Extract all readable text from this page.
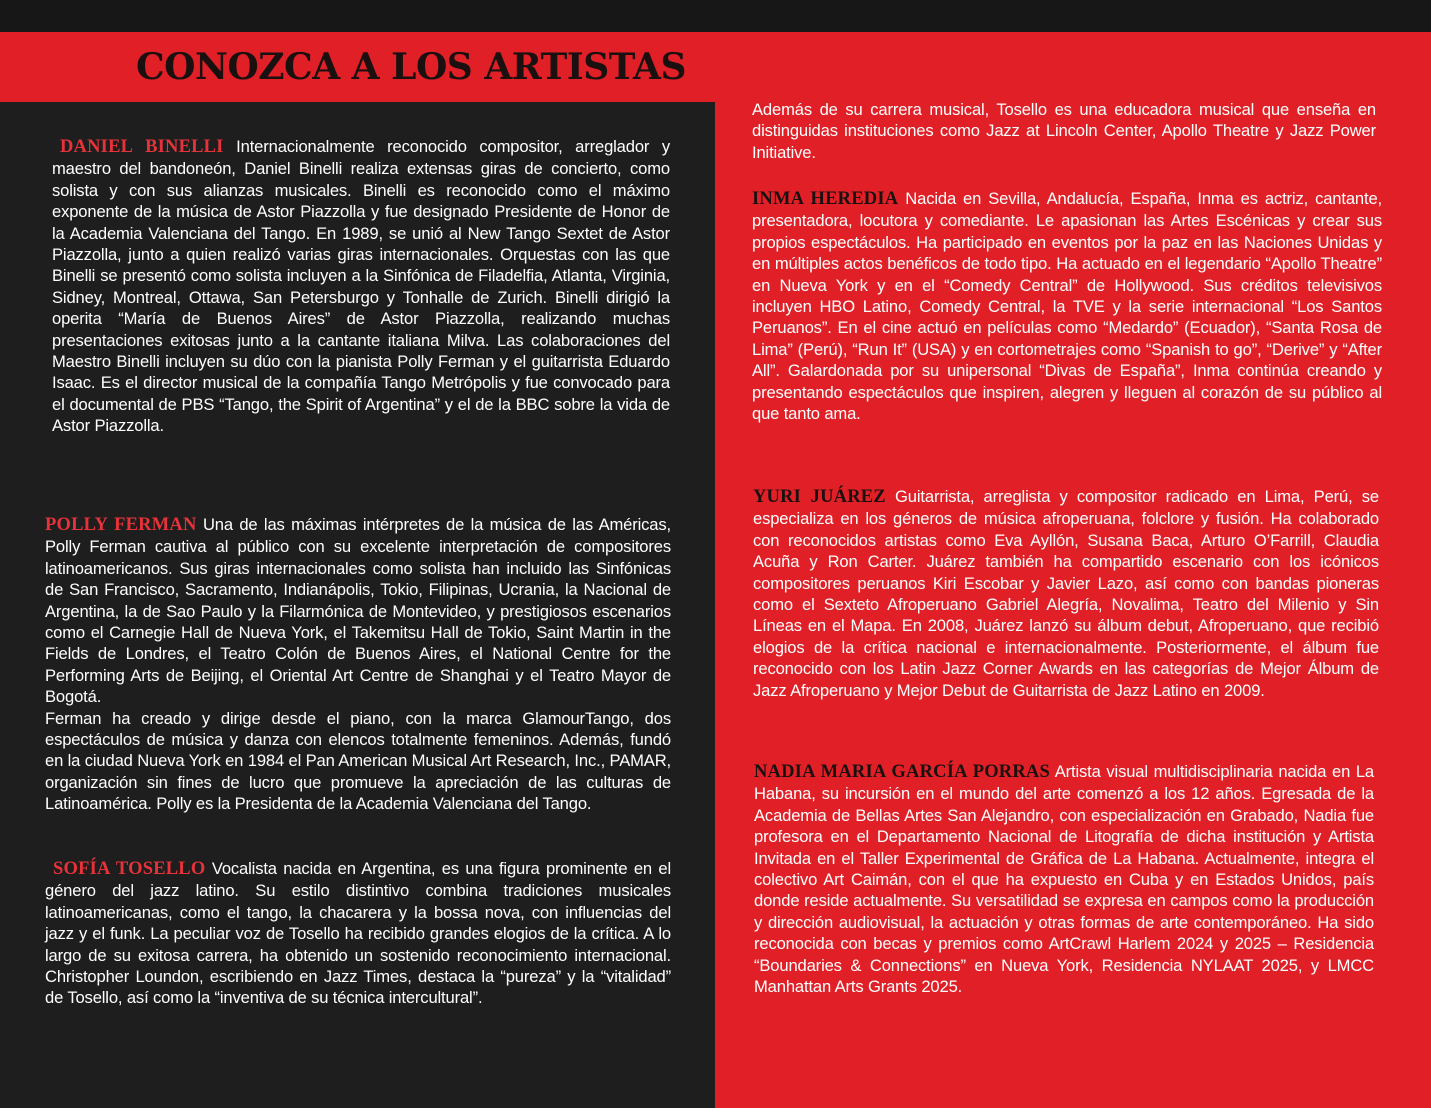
CONOZCA A LOS ARTISTAS

DANIEL BINELLI Internacionalmente reconocido compositor, arreglador y maestro del bandoneón, Daniel Binelli realiza extensas giras de concierto, como solista y con sus alianzas musicales. Binelli es reconocido como el máximo exponente de la música de Astor Piazzolla y fue designado Presidente de Honor de la Academia Valenciana del Tango. En 1989, se unió al New Tango Sextet de Astor Piazzolla, junto a quien realizó varias giras internacionales. Orquestas con las que Binelli se presentó como solista incluyen a la Sinfónica de Filadelfia, Atlanta, Virginia, Sidney, Montreal, Ottawa, San Petersburgo y Tonhalle de Zurich. Binelli dirigió la operita “María de Buenos Aires” de Astor Piazzolla, realizando muchas presentaciones exitosas junto a la cantante italiana Milva. Las colaboraciones del Maestro Binelli incluyen su dúo con la pianista Polly Ferman y el guitarrista Eduardo Isaac. Es el director musical de la compañía Tango Metrópolis y fue convocado para el documental de PBS “Tango, the Spirit of Argentina” y el de la BBC sobre la vida de Astor Piazzolla.

POLLY FERMAN Una de las máximas intérpretes de la música de las Américas, Polly Ferman cautiva al público con su excelente interpretación de compositores latinoamericanos. Sus giras internacionales como solista han incluido las Sinfónicas de San Francisco, Sacramento, Indianápolis, Tokio, Filipinas, Ucrania, la Nacional de Argentina, la de Sao Paulo y la Filarmónica de Montevideo, y prestigiosos escenarios como el Carnegie Hall de Nueva York, el Takemitsu Hall de Tokio, Saint Martin in the Fields de Londres, el Teatro Colón de Buenos Aires, el National Centre for the Performing Arts de Beijing, el Oriental Art Centre de Shanghai y el Teatro Mayor de Bogotá.

Ferman ha creado y dirige desde el piano, con la marca GlamourTango, dos espectáculos de música y danza con elencos totalmente femeninos. Además, fundó en la ciudad Nueva York en 1984 el Pan American Musical Art Research, Inc., PAMAR, organización sin fines de lucro que promueve la apreciación de las culturas de Latinoamérica. Polly es la Presidenta de la Academia Valenciana del Tango.

SOFÍA TOSELLO Vocalista nacida en Argentina, es una figura prominente en el género del jazz latino. Su estilo distintivo combina tradiciones musicales latinoamericanas, como el tango, la chacarera y la bossa nova, con influencias del jazz y el funk. La peculiar voz de Tosello ha recibido grandes elogios de la crítica. A lo largo de su exitosa carrera, ha obtenido un sostenido reconocimiento internacional. Christopher Loundon, escribiendo en Jazz Times, destaca la “pureza” y la “vitalidad” de Tosello, así como la “inventiva de su técnica intercultural”.

Además de su carrera musical, Tosello es una educadora musical que enseña en distinguidas instituciones como Jazz at Lincoln Center, Apollo Theatre y Jazz Power Initiative.

INMA HEREDIA Nacida en Sevilla, Andalucía, España, Inma es actriz, cantante, presentadora, locutora y comediante. Le apasionan las Artes Escénicas y crear sus propios espectáculos. Ha participado en eventos por la paz en las Naciones Unidas y en múltiples actos benéficos de todo tipo. Ha actuado en el legendario “Apollo Theatre” en Nueva York y en el “Comedy Central” de Hollywood. Sus créditos televisivos incluyen HBO Latino, Comedy Central, la TVE y la serie internacional “Los Santos Peruanos”. En el cine actuó en películas como “Medardo” (Ecuador), “Santa Rosa de Lima” (Perú), “Run It” (USA) y en cortometrajes como “Spanish to go”, “Derive” y “After All”. Galardonada por su unipersonal “Divas de España”, Inma continúa creando y presentando espectáculos que inspiren, alegren y lleguen al corazón de su público al que tanto ama.

YURI JUÁREZ Guitarrista, arreglista y compositor radicado en Lima, Perú, se especializa en los géneros de música afroperuana, folclore y fusión. Ha colaborado con reconocidos artistas como Eva Ayllón, Susana Baca, Arturo O’Farrill, Claudia Acuña y Ron Carter. Juárez también ha compartido escenario con los icónicos compositores peruanos Kiri Escobar y Javier Lazo, así como con bandas pioneras como el Sexteto Afroperuano Gabriel Alegría, Novalima, Teatro del Milenio y Sin Líneas en el Mapa. En 2008, Juárez lanzó su álbum debut, Afroperuano, que recibió elogios de la crítica nacional e internacionalmente. Posteriormente, el álbum fue reconocido con los Latin Jazz Corner Awards en las categorías de Mejor Álbum de Jazz Afroperuano y Mejor Debut de Guitarrista de Jazz Latino en 2009.

NADIA MARIA GARCÍA PORRAS Artista visual multidisciplinaria nacida en La Habana, su incursión en el mundo del arte comenzó a los 12 años. Egresada de la Academia de Bellas Artes San Alejandro, con especialización en Grabado, Nadia fue profesora en el Departamento Nacional de Litografía de dicha institución y Artista Invitada en el Taller Experimental de Gráfica de La Habana. Actualmente, integra el colectivo Art Caimán, con el que ha expuesto en Cuba y en Estados Unidos, país donde reside actualmente. Su versatilidad se expresa en campos como la producción y dirección audiovisual, la actuación y otras formas de arte contemporáneo. Ha sido reconocida con becas y premios como ArtCrawl Harlem 2024 y 2025 – Residencia “Boundaries & Connections” en Nueva York, Residencia NYLAAT 2025, y LMCC Manhattan Arts Grants 2025.
